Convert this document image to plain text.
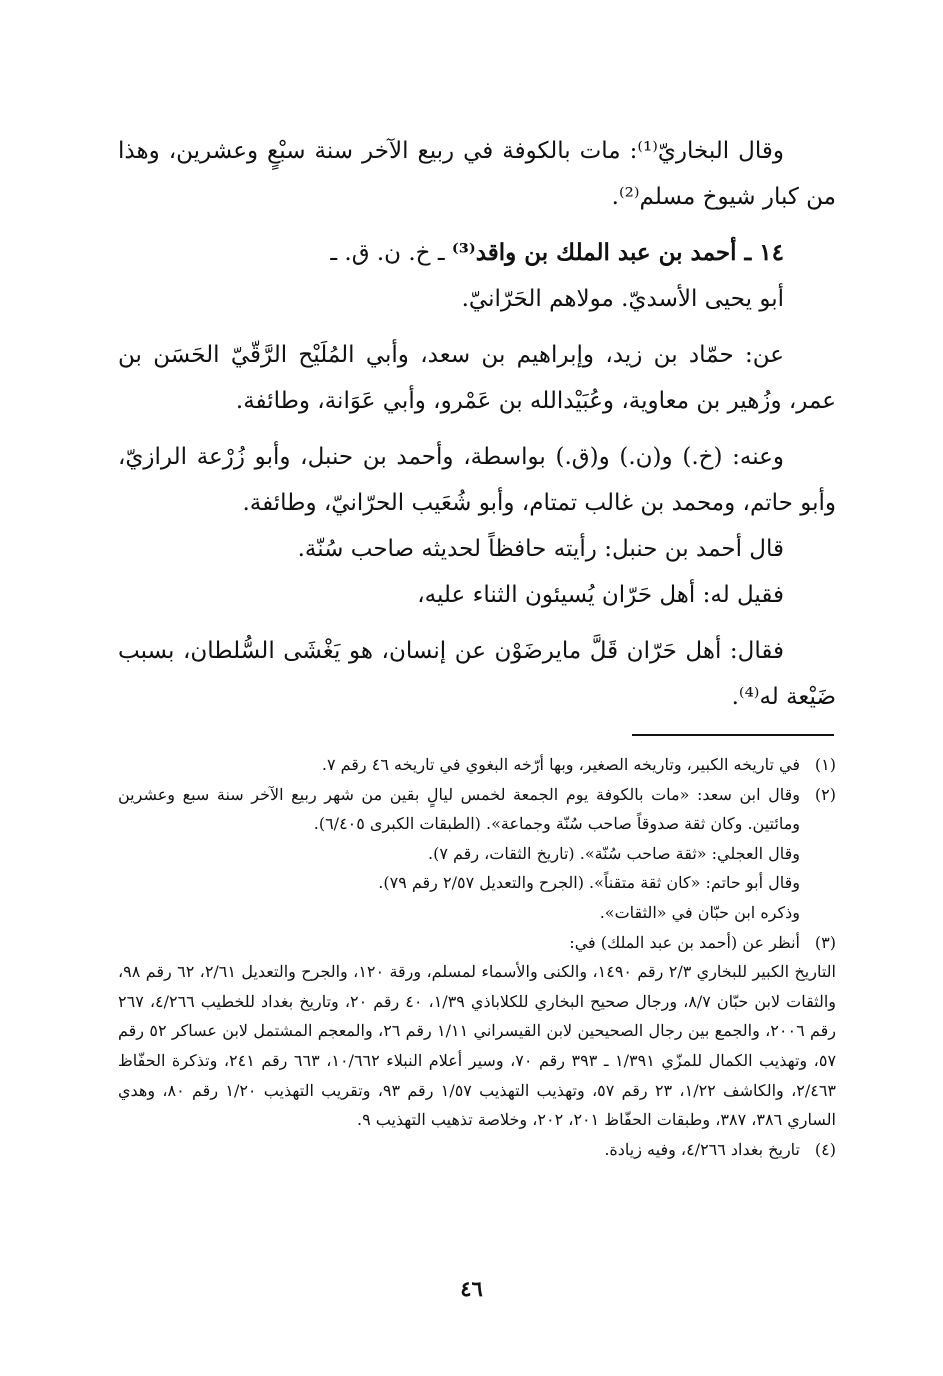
وقال البخاريّ⁽¹⁾: مات بالكوفة في ربيع الآخر سنة سبْعٍ وعشرين، وهذا من كبار شيوخ مسلم⁽²⁾.

١٤ ـ أحمد بن عبد الملك بن واقد⁽³⁾ ـ خ. ن. ق. ـ

أبو يحيى الأسديّ. مولاهم الحَرّانيّ.

عن: حمّاد بن زيد، وإبراهيم بن سعد، وأبي المُلَيْح الرَّقّيّ الحَسَن بن عمر، وزُهير بن معاوية، وعُبَيْدالله بن عَمْرو، وأبي عَوَانة، وطائفة.

وعنه: (خ.) و(ن.) و(ق.) بواسطة، وأحمد بن حنبل، وأبو زُرْعة الرازيّ، وأبو حاتم، ومحمد بن غالب تمتام، وأبو شُعَيب الحرّانيّ، وطائفة.

قال أحمد بن حنبل: رأيته حافظاً لحديثه صاحب سُنّة.

فقيل له: أهل حَرّان يُسيئون الثناء عليه،

فقال: أهل حَرّان قَلَّ مايرضَوْن عن إنسان، هو يَغْشَى السُّلطان، بسبب ضَيْعة له⁽⁴⁾.

(١)

في تاريخه الكبير، وتاريخه الصغير، وبها أرّخه البغوي في تاريخه ٤٦ رقم ٧.

(٢)

وقال ابن سعد: «مات بالكوفة يوم الجمعة لخمس ليالٍ بقين من شهر ربيع الآخر سنة سبع وعشرين ومائتين. وكان ثقة صدوقاً صاحب سُنّة وجماعة». (الطبقات الكبرى ٦/٤٠٥).

وقال العجلي: «ثقة صاحب سُنّة». (تاريخ الثقات، رقم ٧).

وقال أبو حاتم: «كان ثقة متقناً». (الجرح والتعديل ٢/٥٧ رقم ٧٩).

وذكره ابن حبّان في «الثقات».

(٣)

أنظر عن (أحمد بن عبد الملك) في:

التاريخ الكبير للبخاري ٢/٣ رقم ١٤٩٠، والكنى والأسماء لمسلم، ورقة ١٢٠، والجرح والتعديل ٢/٦١، ٦٢ رقم ٩٨، والثقات لابن حبّان ٨/٧، ورجال صحيح البخاري للكلاباذي ١/٣٩، ٤٠ رقم ٢٠، وتاريخ بغداد للخطيب ٤/٢٦٦، ٢٦٧ رقم ٢٠٠٦، والجمع بين رجال الصحيحين لابن القيسراني ١/١١ رقم ٢٦، والمعجم المشتمل لابن عساكر ٥٢ رقم ٥٧، وتهذيب الكمال للمزّي ١/٣٩١ ـ ٣٩٣ رقم ٧٠، وسير أعلام النبلاء ١٠/٦٦٢، ٦٦٣ رقم ٢٤١، وتذكرة الحفّاظ ٢/٤٦٣، والكاشف ١/٢٢، ٢٣ رقم ٥٧، وتهذيب التهذيب ١/٥٧ رقم ٩٣، وتقريب التهذيب ١/٢٠ رقم ٨٠، وهدي الساري ٣٨٦، ٣٨٧، وطبقات الحفّاظ ٢٠١، ٢٠٢، وخلاصة تذهيب التهذيب ٩.

(٤)

تاريخ بغداد ٤/٢٦٦، وفيه زيادة.

٤٦
